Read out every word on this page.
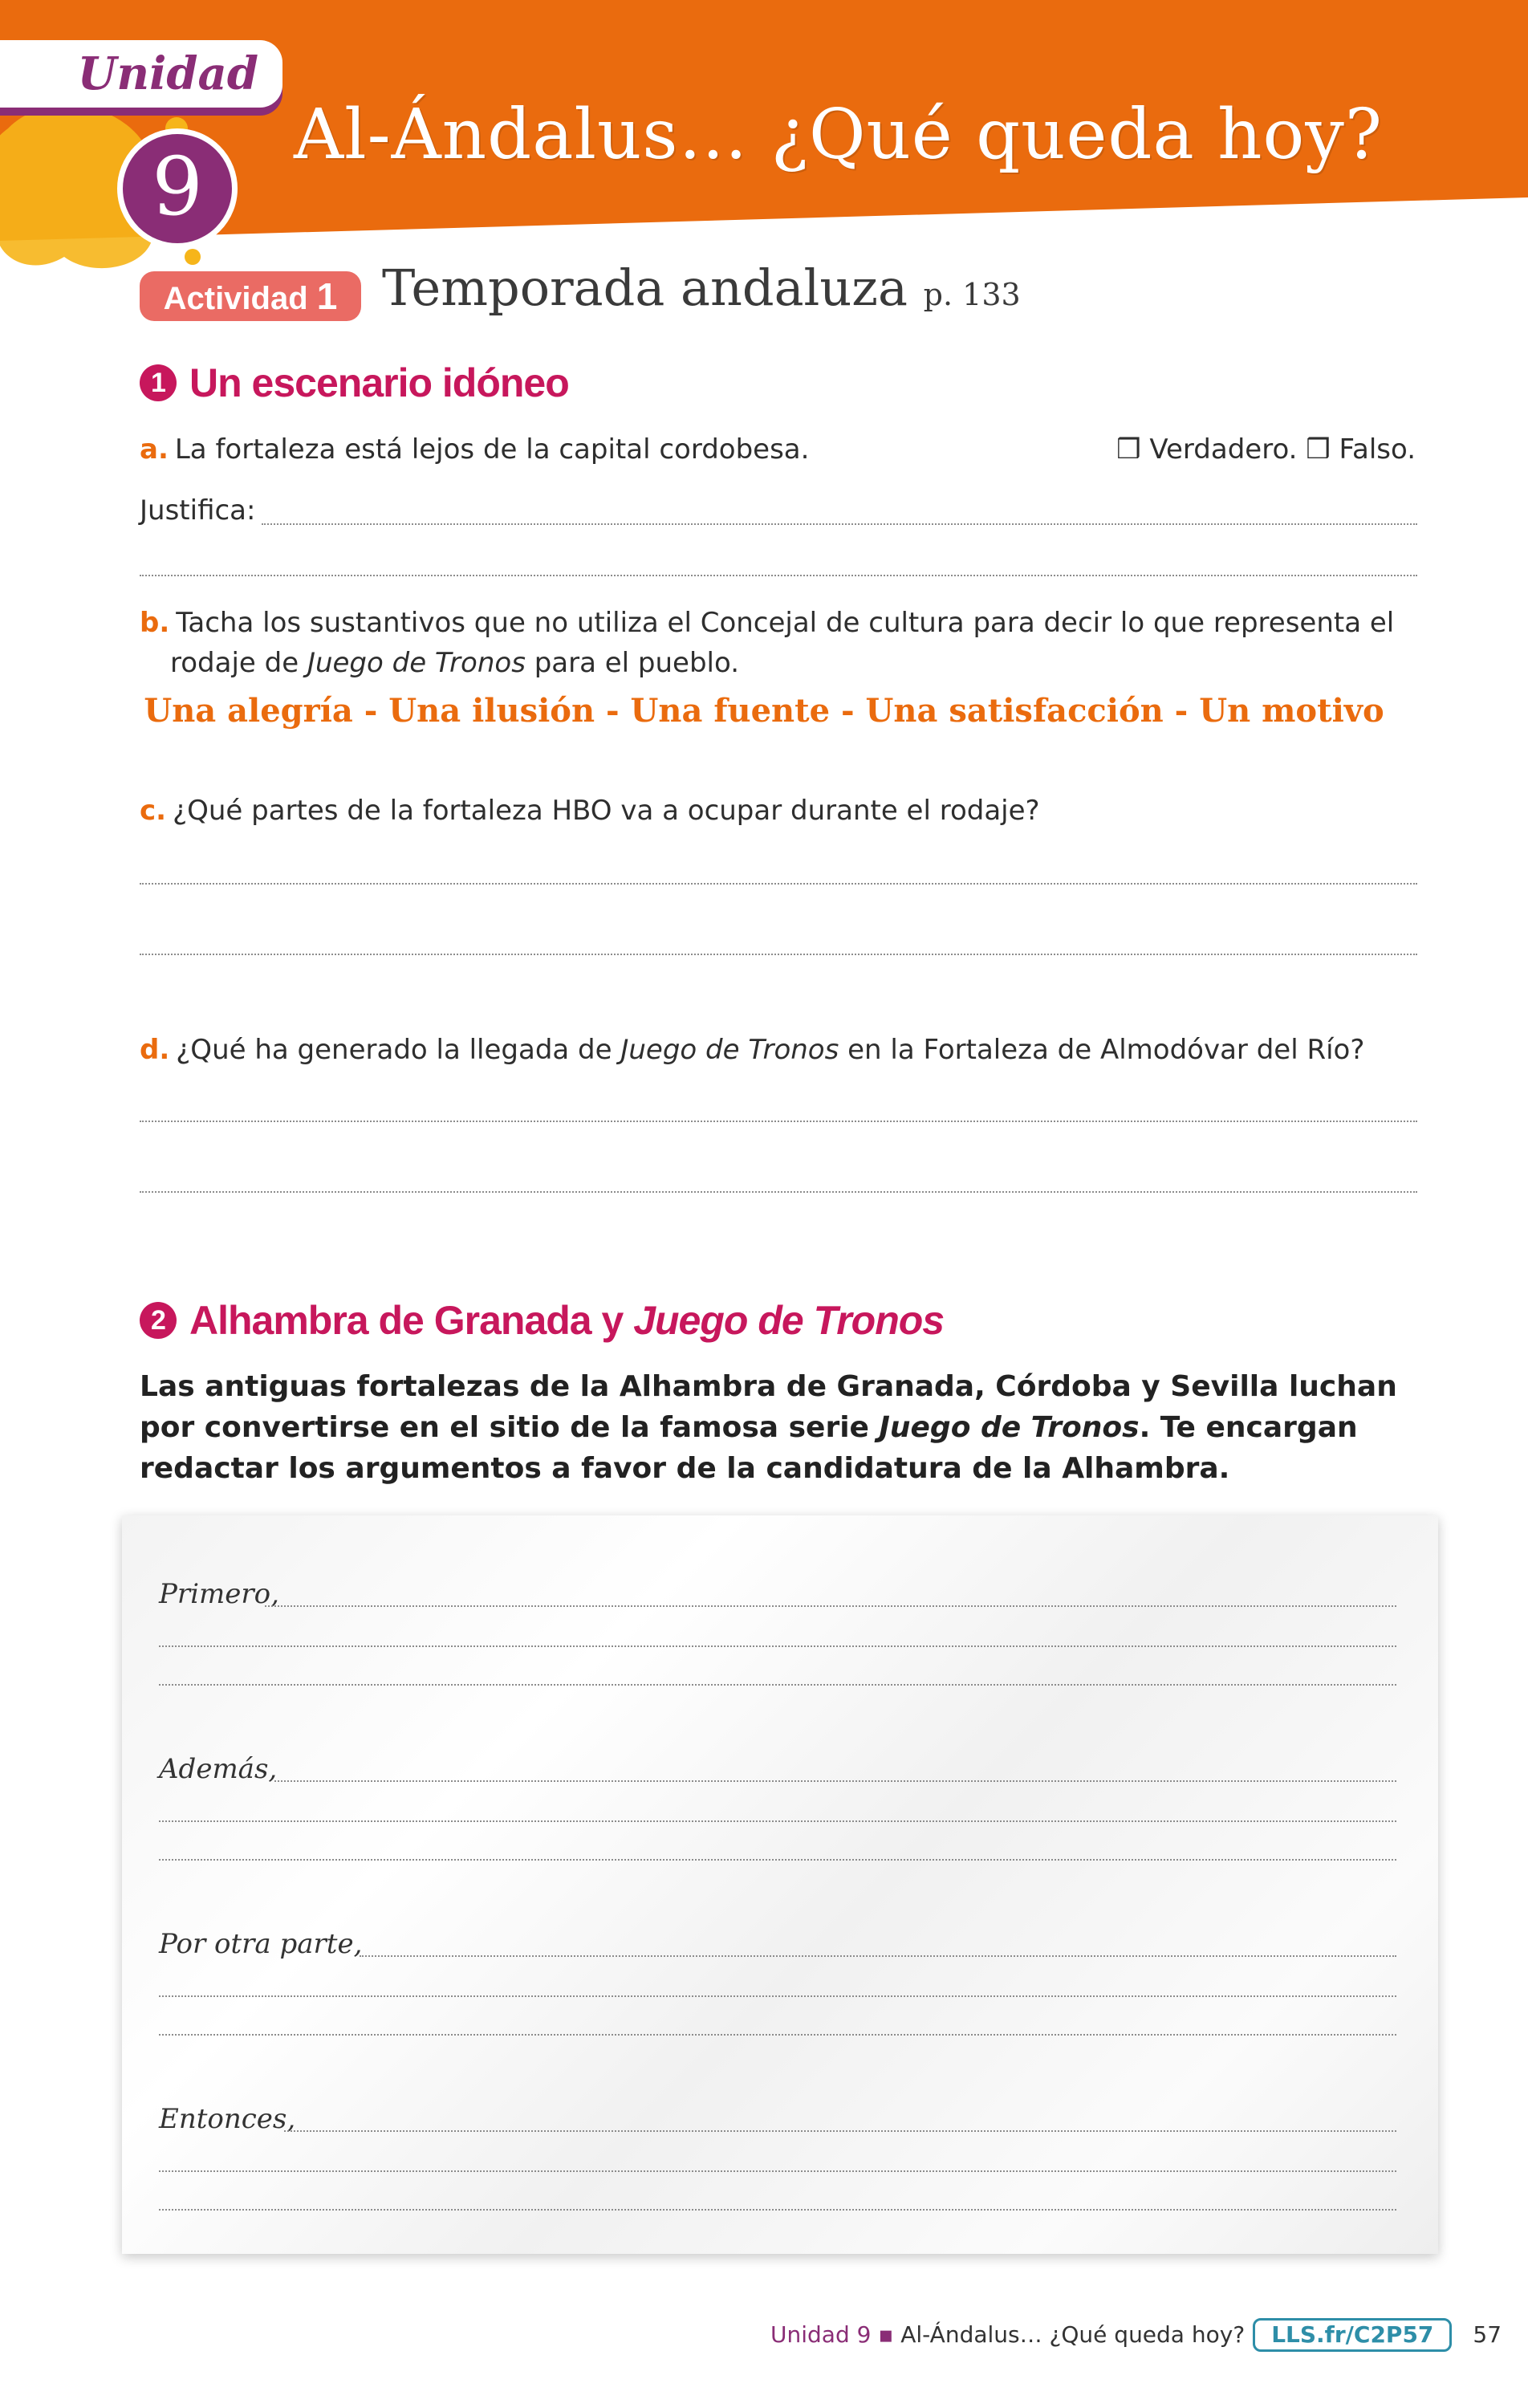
Unidad
9
Al-Ándalus… ¿Qué queda hoy?
Actividad 1 Temporada andaluza p. 133
1 Un escenario idóneo
a. La fortaleza está lejos de la capital cordobesa.	❒ Verdadero. ❒ Falso.
Justifica:
b. Tacha los sustantivos que no utiliza el Concejal de cultura para decir lo que representa el
rodaje de Juego de Tronos para el pueblo.
Una alegría - Una ilusión - Una fuente - Una satisfacción - Un motivo
c. ¿Qué partes de la fortaleza HBO va a ocupar durante el rodaje?
d. ¿Qué ha generado la llegada de Juego de Tronos en la Fortaleza de Almodóvar del Río?
2 Alhambra de Granada y Juego de Tronos
Las antiguas fortalezas de la Alhambra de Granada, Córdoba y Sevilla luchan por convertirse en el sitio de la famosa serie Juego de Tronos. Te encargan redactar los argumentos a favor de la candidatura de la Alhambra.
Primero,
Además,
Por otra parte,
Entonces,
Unidad 9 ▪ Al-Ándalus… ¿Qué queda hoy? LLS.fr/C2P57 57
